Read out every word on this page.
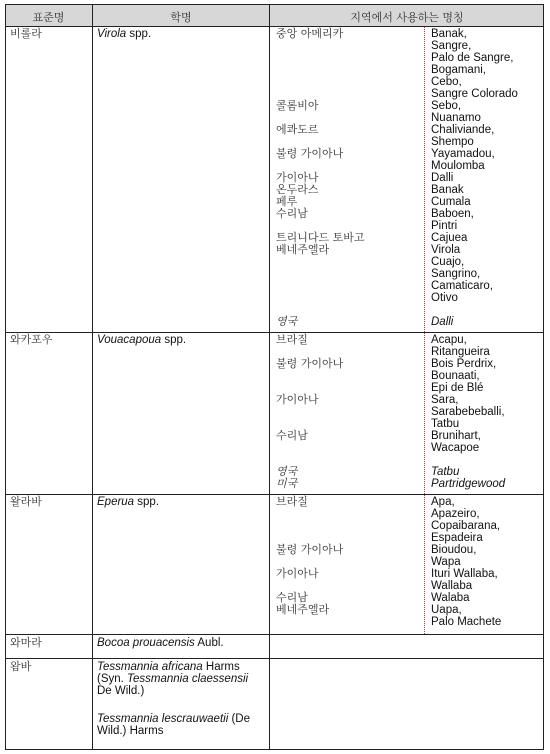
표준명	학명	지역에서 사용하는 명칭
비롤라	Virola spp.	중앙 아메리카	Banak,
Sangre,
Palo de Sangre,
Bogamani,
Cebo,
Sangre Colorado
콜롬비아	Sebo,
Nuanamo
에콰도르	Chaliviande,
Shempo
불령 가이아나	Yayamadou,
Moulomba
가이아나	Dalli
온두라스	Banak
페루	Cumala
수리남	Baboen,
Pintri
트리니다드 토바고	Cajuea
베네주엘라	Virola
Cuajo,
Sangrino,
Camaticaro,
Otivo
영국	Dalli
와카포우	Vouacapoua spp.	브라질	Acapu,
Ritangueira
불령 가이아나	Bois Perdrix,
Bounaati,
Epi de Blé
가이아나	Sara,
Sarabebeballi,
Tatbu
수리남	Brunihart,
Wacapoe
영국	Tatbu
미국	Partridgewood
왈라바	Eperua spp.	브라질	Apa,
Apazeiro,
Copaibarana,
Espadeira
불령 가이아나	Bioudou,
Wapa
가이아나	Ituri Wallaba,
Wallaba
수리남	Walaba
베네주엘라	Uapa,
Palo Machete
와마라	Bocoa prouacensis Aubl.
왐바	Tessmannia africana Harms
(Syn. Tessmannia claessensii
De Wild.)
Tessmannia lescrauwaetii (De
Wild.) Harms
